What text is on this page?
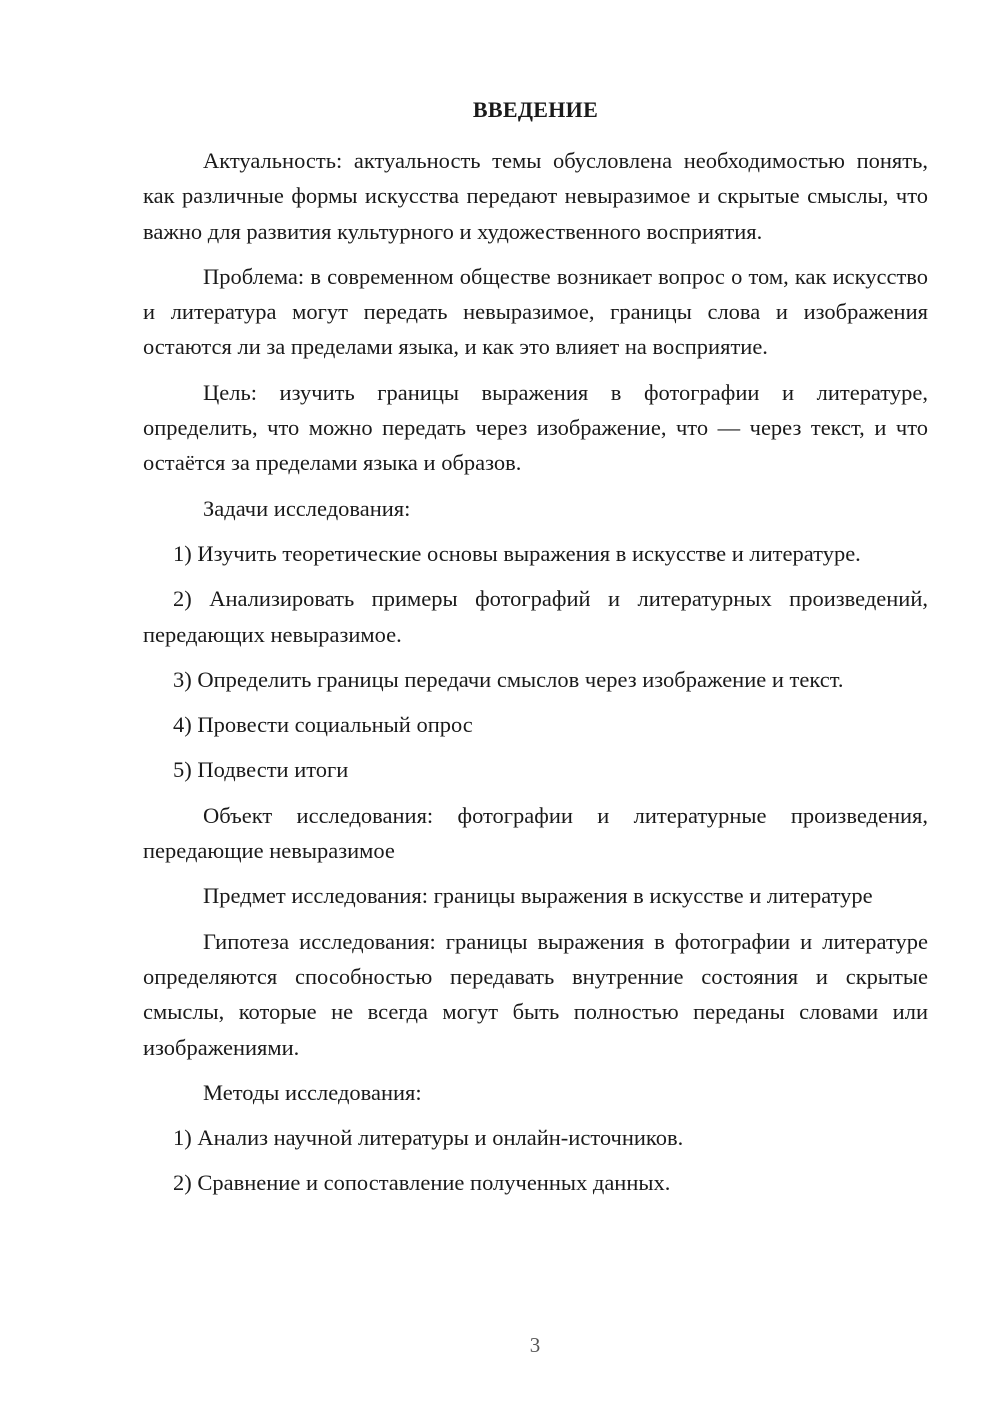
ВВЕДЕНИЕ

Актуальность: актуальность темы обусловлена необходимостью понять, как различные формы искусства передают невыразимое и скрытые смыслы, что важно для развития культурного и художественного восприятия.

Проблема: в современном обществе возникает вопрос о том, как искусство и литература могут передать невыразимое, границы слова и изображения остаются ли за пределами языка, и как это влияет на восприятие.

Цель: изучить границы выражения в фотографии и литературе, определить, что можно передать через изображение, что — через текст, и что остаётся за пределами языка и образов.

Задачи исследования:

1) Изучить теоретические основы выражения в искусстве и литературе.

2) Анализировать примеры фотографий и литературных произведений, передающих невыразимое.

3) Определить границы передачи смыслов через изображение и текст.

4) Провести социальный опрос

5) Подвести итоги

Объект исследования: фотографии и литературные произведения, передающие невыразимое

Предмет исследования: границы выражения в искусстве и литературе

Гипотеза исследования: границы выражения в фотографии и литературе определяются способностью передавать внутренние состояния и скрытые смыслы, которые не всегда могут быть полностью переданы словами или изображениями.

Методы исследования:

1) Анализ научной литературы и онлайн-источников.

2) Сравнение и сопоставление полученных данных.

3
